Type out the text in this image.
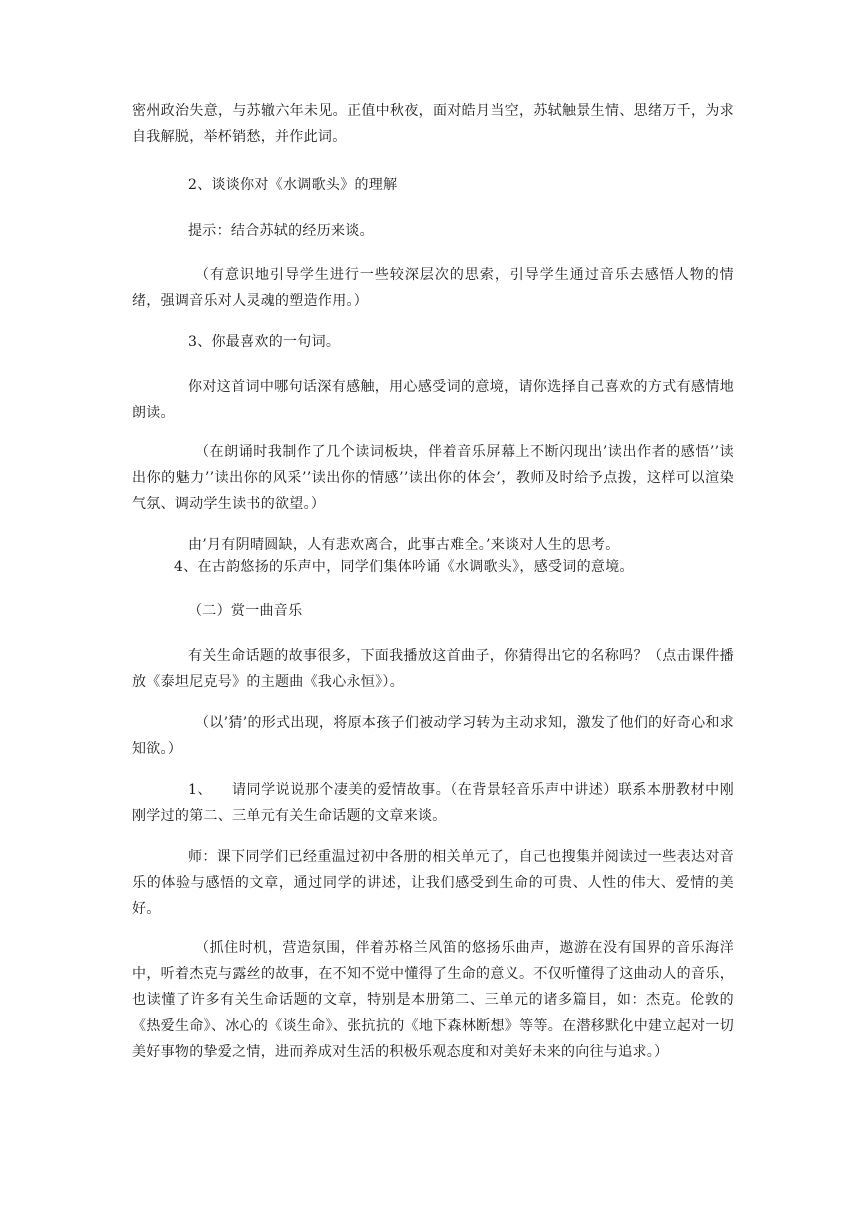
密州政治失意，与苏辙六年未见。正值中秋夜，面对皓月当空，苏轼触景生情、思绪万千，为求自我解脱，举杯销愁，并作此词。

2、谈谈你对《水调歌头》的理解

提示：结合苏轼的经历来谈。

（有意识地引导学生进行一些较深层次的思索，引导学生通过音乐去感悟人物的情绪，强调音乐对人灵魂的塑造作用。）

3、你最喜欢的一句词。

你对这首词中哪句话深有感触，用心感受词的意境，请你选择自己喜欢的方式有感情地朗读。

（在朗诵时我制作了几个读词板块，伴着音乐屏幕上不断闪现出’读出作者的感悟’’读出你的魅力’’读出你的风采’’读出你的情感’’读出你的体会’，教师及时给予点拨，这样可以渲染气氛、调动学生读书的欲望。）

由’月有阴晴圆缺，人有悲欢离合，此事古难全。’来谈对人生的思考。

4、在古韵悠扬的乐声中，同学们集体吟诵《水调歌头》，感受词的意境。

（二）赏一曲音乐

有关生命话题的故事很多，下面我播放这首曲子，你猜得出它的名称吗？（点击课件播放《泰坦尼克号》的主题曲《我心永恒》）。

（以’猜’的形式出现，将原本孩子们被动学习转为主动求知，激发了他们的好奇心和求知欲。）

1、    请同学说说那个凄美的爱情故事。（在背景轻音乐声中讲述）联系本册教材中刚刚学过的第二、三单元有关生命话题的文章来谈。

师：课下同学们已经重温过初中各册的相关单元了，自己也搜集并阅读过一些表达对音乐的体验与感悟的文章，通过同学的讲述，让我们感受到生命的可贵、人性的伟大、爱情的美好。

（抓住时机，营造氛围，伴着苏格兰风笛的悠扬乐曲声，遨游在没有国界的音乐海洋中，听着杰克与露丝的故事，在不知不觉中懂得了生命的意义。不仅听懂得了这曲动人的音乐，也读懂了许多有关生命话题的文章，特别是本册第二、三单元的诸多篇目，如：杰克。伦敦的《热爱生命》、冰心的《谈生命》、张抗抗的《地下森林断想》等等。在潜移默化中建立起对一切美好事物的挚爱之情，进而养成对生活的积极乐观态度和对美好未来的向往与追求。）
